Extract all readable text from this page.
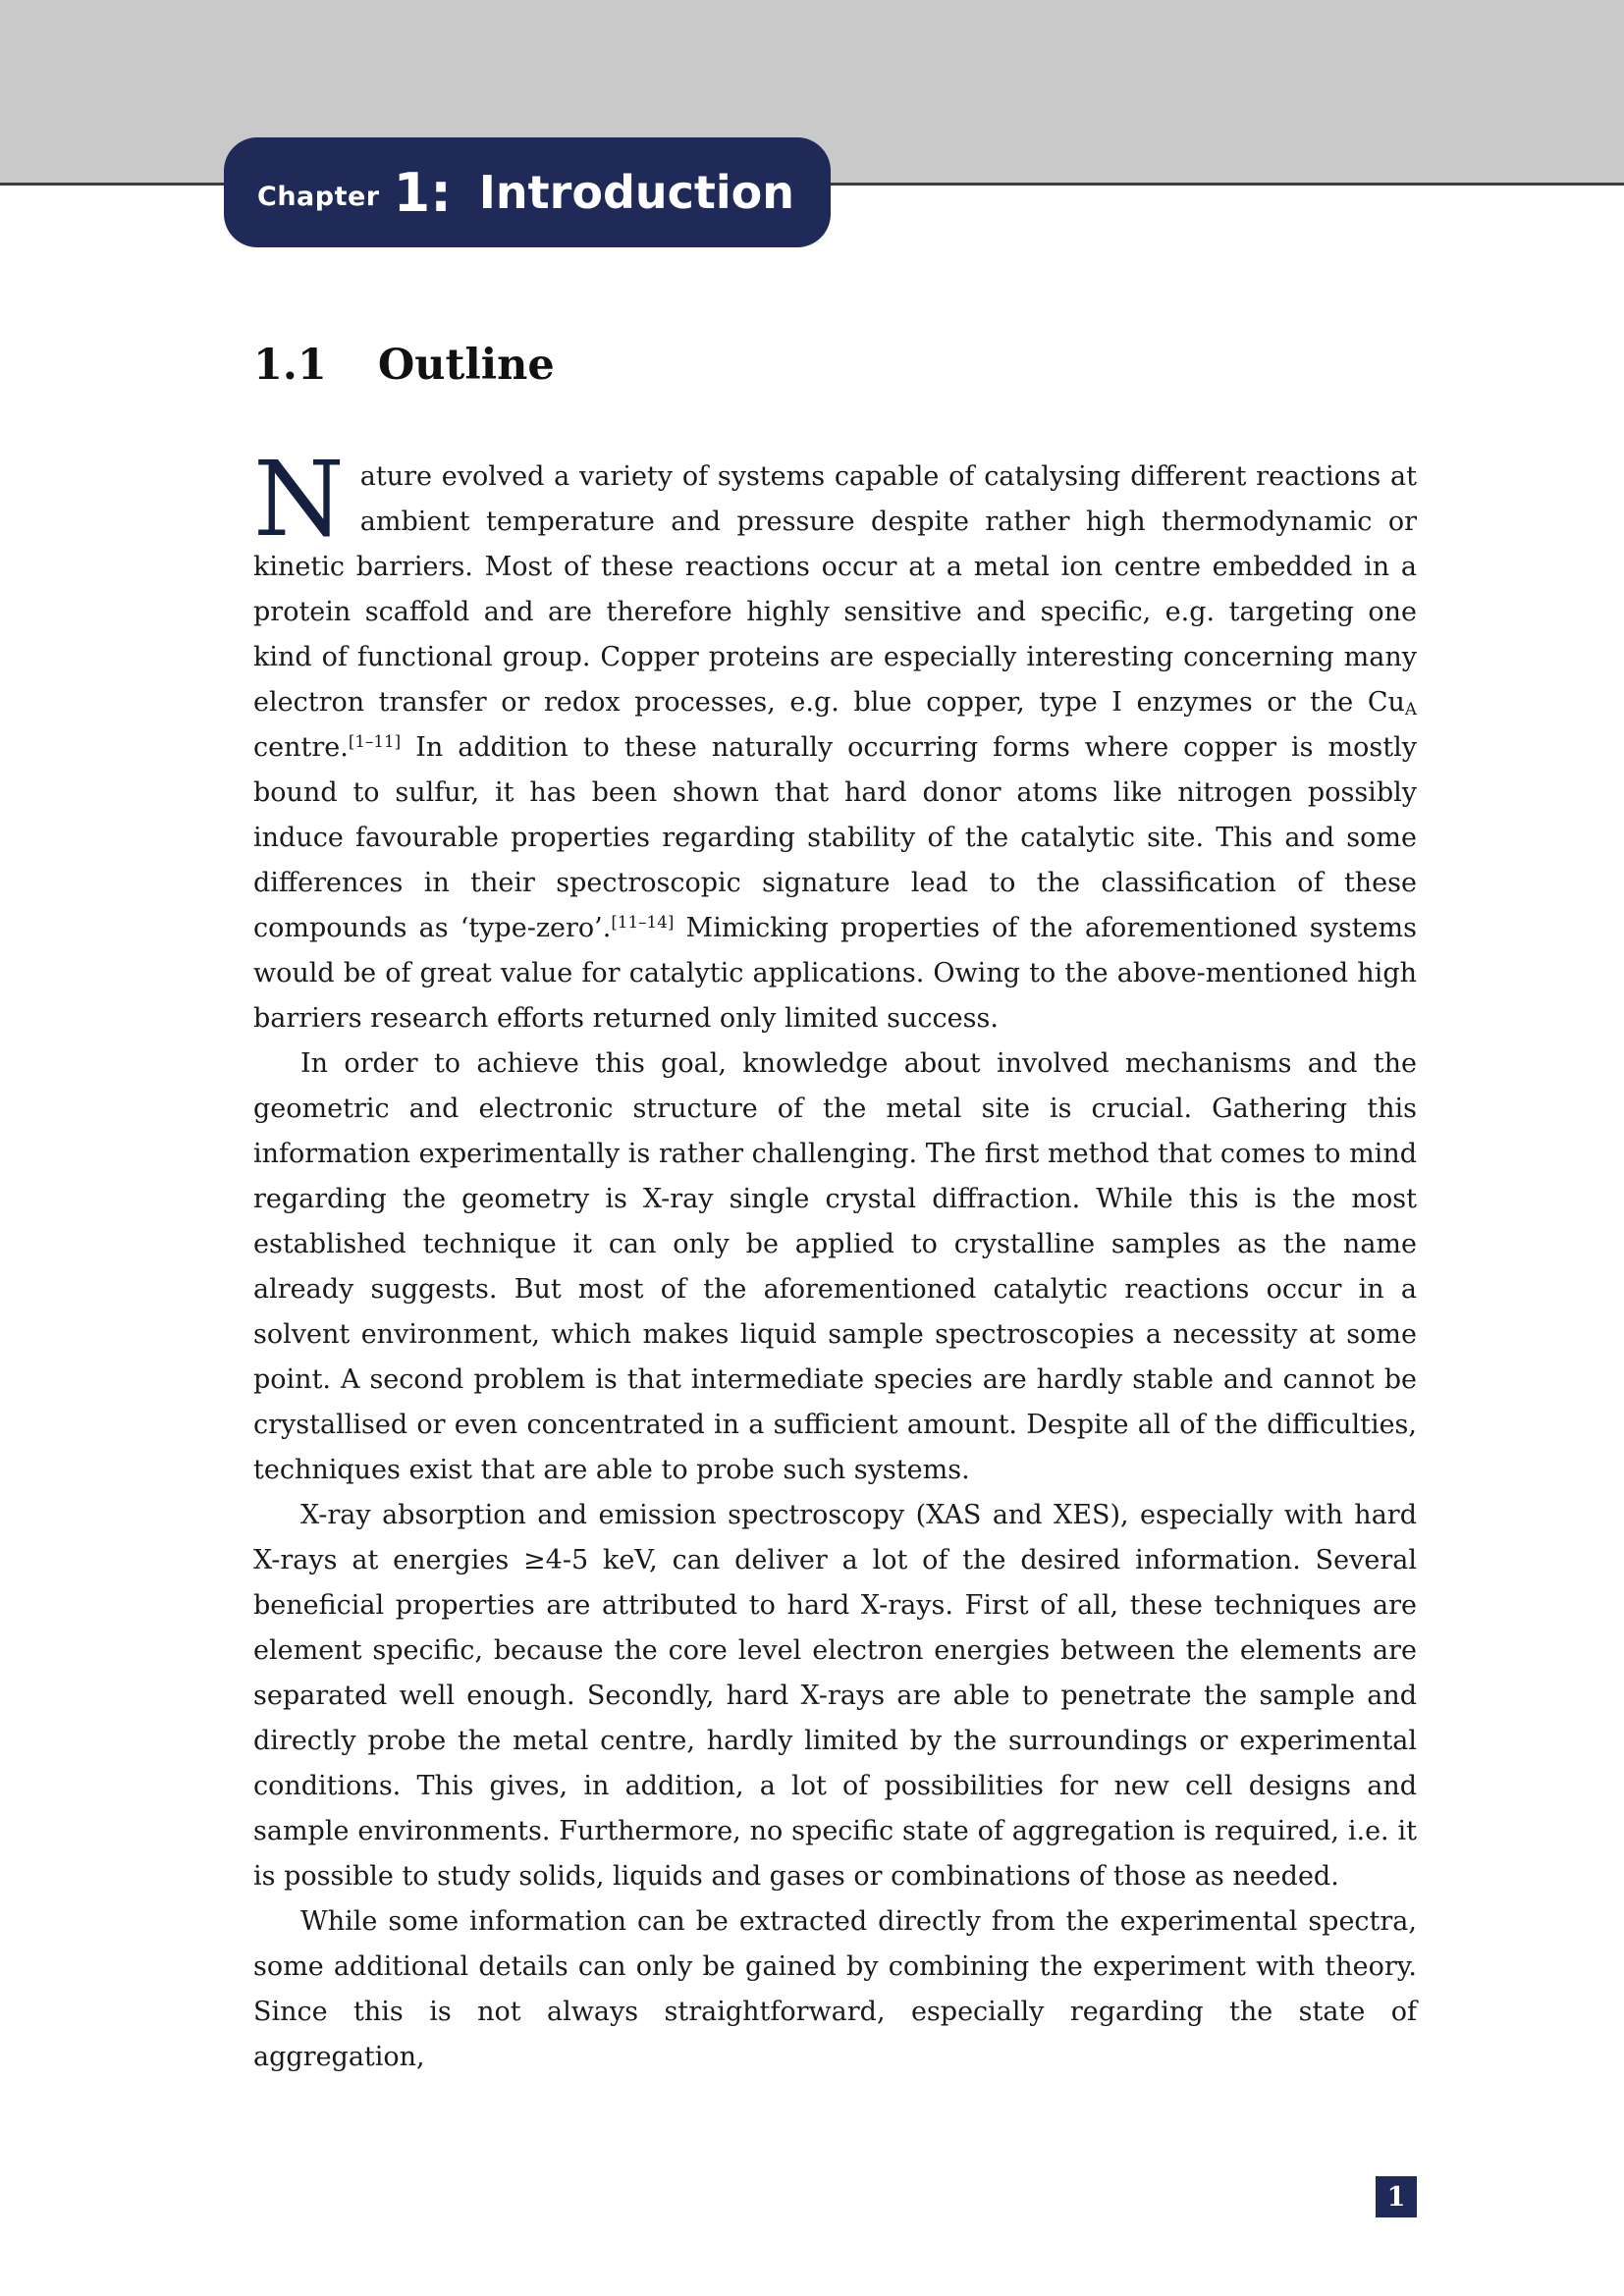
Chapter 1: Introduction
1.1 Outline

Nature evolved a variety of systems capable of catalysing different reactions at ambient temperature and pressure despite rather high thermodynamic or kinetic barriers. Most of these reactions occur at a metal ion centre embedded in a protein scaffold and are therefore highly sensitive and specific, e.g. targeting one kind of functional group. Copper proteins are especially interesting concerning many electron transfer or redox processes, e.g. blue copper, type I enzymes or the $Cu_A$ centre.[1–11] In addition to these naturally occurring forms where copper is mostly bound to sulfur, it has been shown that hard donor atoms like nitrogen possibly induce favourable properties regarding stability of the catalytic site. This and some differences in their spectroscopic signature lead to the classification of these compounds as ‘type-zero’.[11–14] Mimicking properties of the aforementioned systems would be of great value for catalytic applications. Owing to the above-mentioned high barriers research efforts returned only limited success.

In order to achieve this goal, knowledge about involved mechanisms and the geometric and electronic structure of the metal site is crucial. Gathering this information experimentally is rather challenging. The first method that comes to mind regarding the geometry is X-ray single crystal diffraction. While this is the most established technique it can only be applied to crystalline samples as the name already suggests. But most of the aforementioned catalytic reactions occur in a solvent environment, which makes liquid sample spectroscopies a necessity at some point. A second problem is that intermediate species are hardly stable and cannot be crystallised or even concentrated in a sufficient amount. Despite all of the difficulties, techniques exist that are able to probe such systems.

X-ray absorption and emission spectroscopy (XAS and XES), especially with hard X-rays at energies ≥4-5 keV, can deliver a lot of the desired information. Several beneficial properties are attributed to hard X-rays. First of all, these techniques are element specific, because the core level electron energies between the elements are separated well enough. Secondly, hard X-rays are able to penetrate the sample and directly probe the metal centre, hardly limited by the surroundings or experimental conditions. This gives, in addition, a lot of possibilities for new cell designs and sample environments. Furthermore, no specific state of aggregation is required, i.e. it is possible to study solids, liquids and gases or combinations of those as needed.

While some information can be extracted directly from the experimental spectra, some additional details can only be gained by combining the experiment with theory. Since this is not always straightforward, especially regarding the state of aggregation,

1
